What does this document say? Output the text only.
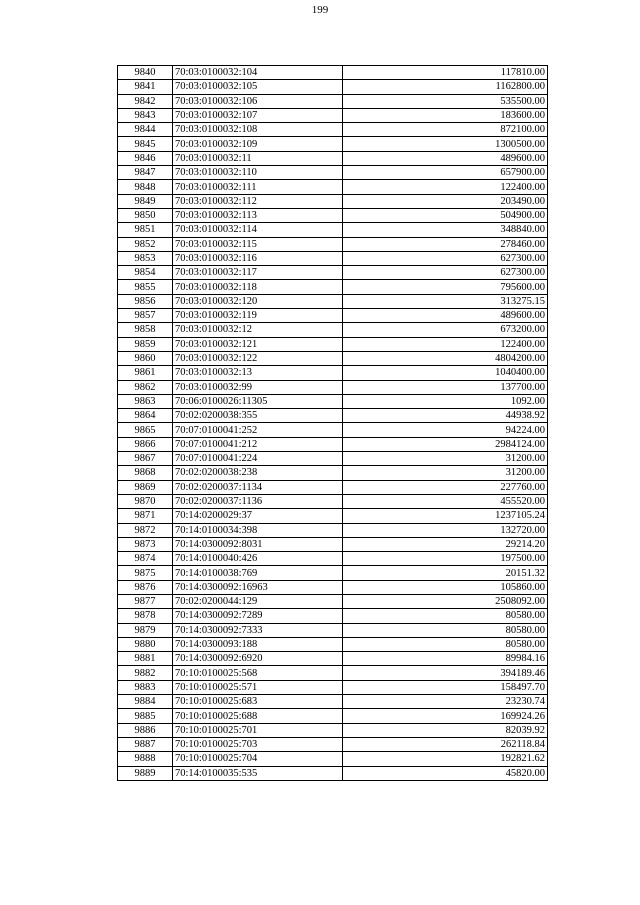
199
9840	70:03:0100032:104	117810.00
9841	70:03:0100032:105	1162800.00
9842	70:03:0100032:106	535500.00
9843	70:03:0100032:107	183600.00
9844	70:03:0100032:108	872100.00
9845	70:03:0100032:109	1300500.00
9846	70:03:0100032:11	489600.00
9847	70:03:0100032:110	657900.00
9848	70:03:0100032:111	122400.00
9849	70:03:0100032:112	203490.00
9850	70:03:0100032:113	504900.00
9851	70:03:0100032:114	348840.00
9852	70:03:0100032:115	278460.00
9853	70:03:0100032:116	627300.00
9854	70:03:0100032:117	627300.00
9855	70:03:0100032:118	795600.00
9856	70:03:0100032:120	313275.15
9857	70:03:0100032:119	489600.00
9858	70:03:0100032:12	673200.00
9859	70:03:0100032:121	122400.00
9860	70:03:0100032:122	4804200.00
9861	70:03:0100032:13	1040400.00
9862	70:03:0100032:99	137700.00
9863	70:06:0100026:11305	1092.00
9864	70:02:0200038:355	44938.92
9865	70:07:0100041:252	94224.00
9866	70:07:0100041:212	2984124.00
9867	70:07:0100041:224	31200.00
9868	70:02:0200038:238	31200.00
9869	70:02:0200037:1134	227760.00
9870	70:02:0200037:1136	455520.00
9871	70:14:0200029:37	1237105.24
9872	70:14:0100034:398	132720.00
9873	70:14:0300092:8031	29214.20
9874	70:14:0100040:426	197500.00
9875	70:14:0100038:769	20151.32
9876	70:14:0300092:16963	105860.00
9877	70:02:0200044:129	2508092.00
9878	70:14:0300092:7289	80580.00
9879	70:14:0300092:7333	80580.00
9880	70:14:0300093:188	80580.00
9881	70:14:0300092:6920	89984.16
9882	70:10:0100025:568	394189.46
9883	70:10:0100025:571	158497.70
9884	70:10:0100025:683	23230.74
9885	70:10:0100025:688	169924.26
9886	70:10:0100025:701	82039.92
9887	70:10:0100025:703	262118.84
9888	70:10:0100025:704	192821.62
9889	70:14:0100035:535	45820.00
